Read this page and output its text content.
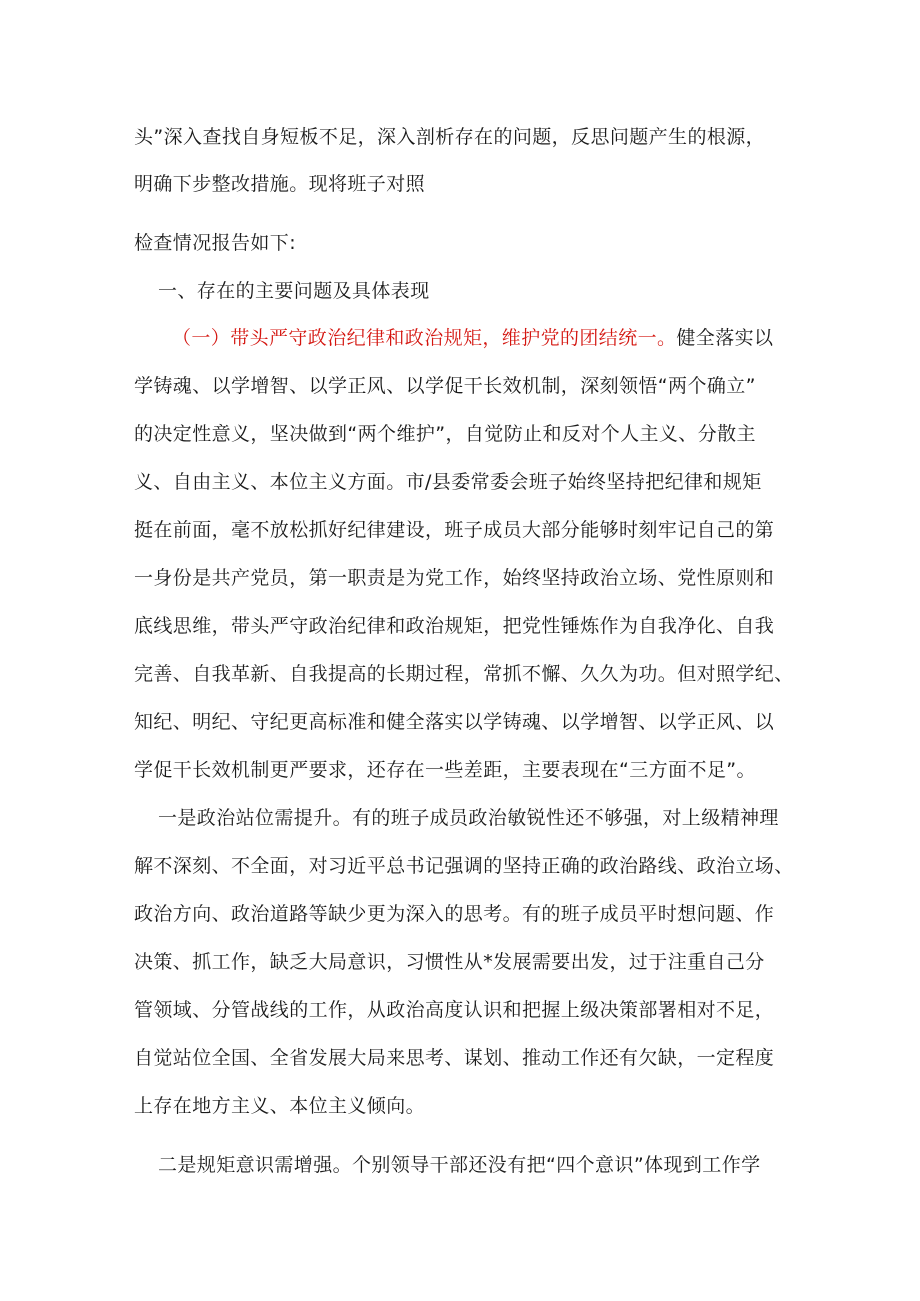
头”深入查找自身短板不足，深入剖析存在的问题，反思问题产生的根源，
明确下步整改措施。现将班子对照
检查情况报告如下:
一、存在的主要问题及具体表现
（一）带头严守政治纪律和政治规矩，维护党的团结统一。健全落实以
学铸魂、以学增智、以学正风、以学促干长效机制，深刻领悟“两个确立”
的决定性意义，坚决做到“两个维护”，自觉防止和反对个人主义、分散主
义、自由主义、本位主义方面。市/县委常委会班子始终坚持把纪律和规矩
挺在前面，毫不放松抓好纪律建设，班子成员大部分能够时刻牢记自己的第
一身份是共产党员，第一职责是为党工作，始终坚持政治立场、党性原则和
底线思维，带头严守政治纪律和政治规矩，把党性锤炼作为自我净化、自我
完善、自我革新、自我提高的长期过程，常抓不懈、久久为功。但对照学纪、
知纪、明纪、守纪更高标准和健全落实以学铸魂、以学增智、以学正风、以
学促干长效机制更严要求，还存在一些差距，主要表现在“三方面不足”。
一是政治站位需提升。有的班子成员政治敏锐性还不够强，对上级精神理
解不深刻、不全面，对习近平总书记强调的坚持正确的政治路线、政治立场、
政治方向、政治道路等缺少更为深入的思考。有的班子成员平时想问题、作
决策、抓工作，缺乏大局意识，习惯性从*发展需要出发，过于注重自己分
管领域、分管战线的工作，从政治高度认识和把握上级决策部署相对不足，
自觉站位全国、全省发展大局来思考、谋划、推动工作还有欠缺，一定程度
上存在地方主义、本位主义倾向。
二是规矩意识需增强。个别领导干部还没有把“四个意识”体现到工作学
